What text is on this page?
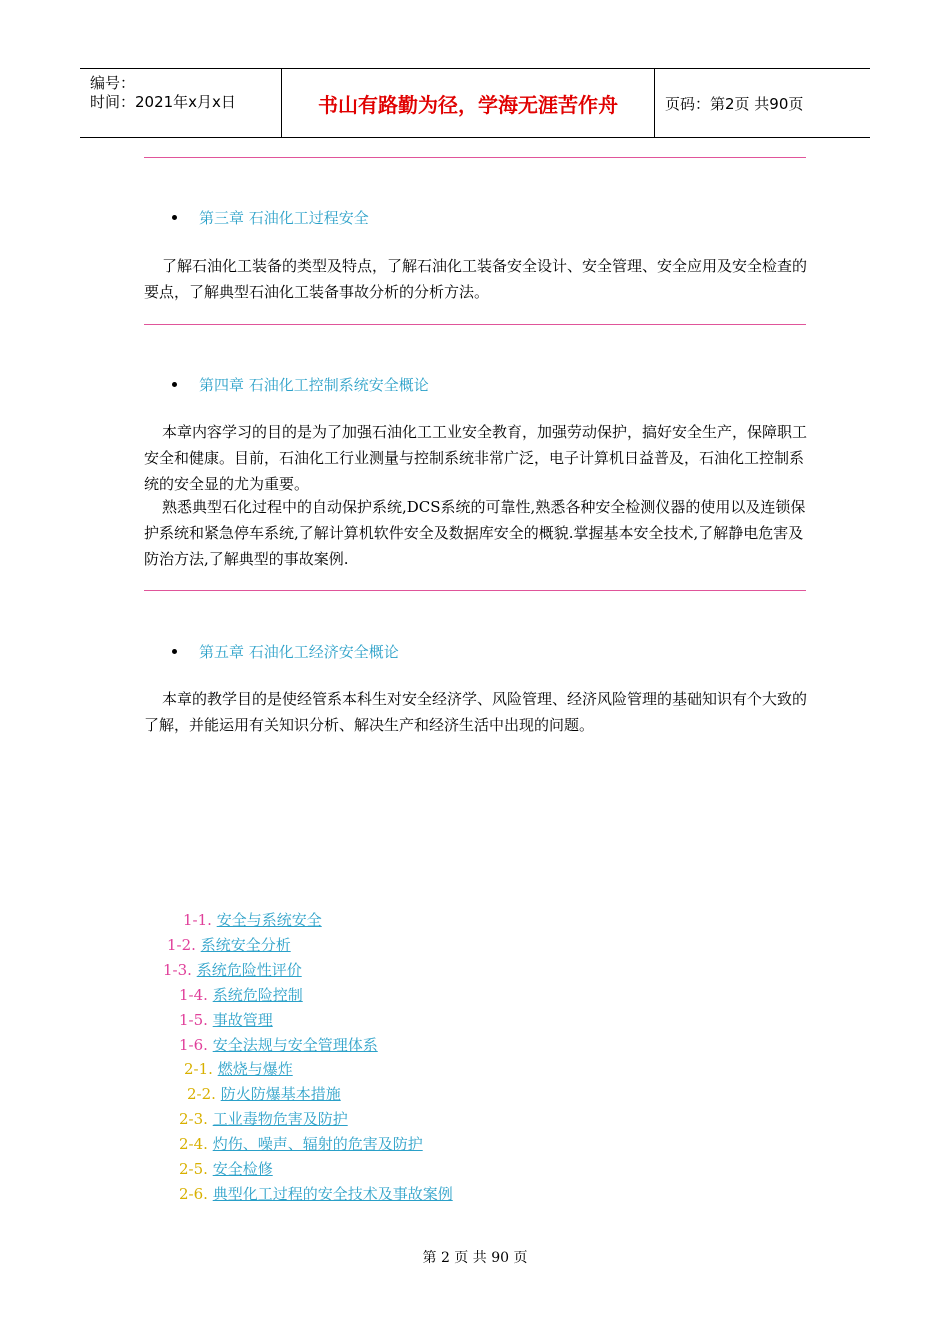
编号：
时间：2021年x月x日	书山有路勤为径，学海无涯苦作舟	页码：第2页 共90页
第三章 石油化工过程安全

了解石油化工装备的类型及特点，了解石油化工装备安全设计、安全管理、安全应用及安全检查的要点，了解典型石油化工装备事故分析的分析方法。

第四章 石油化工控制系统安全概论

本章内容学习的目的是为了加强石油化工工业安全教育，加强劳动保护，搞好安全生产，保障职工安全和健康。目前，石油化工行业测量与控制系统非常广泛，电子计算机日益普及，石油化工控制系统的安全显的尤为重要。

熟悉典型石化过程中的自动保护系统,DCS系统的可靠性,熟悉各种安全检测仪器的使用以及连锁保护系统和紧急停车系统,了解计算机软件安全及数据库安全的概貌.掌握基本安全技术,了解静电危害及防治方法,了解典型的事故案例.

第五章 石油化工经济安全概论

本章的教学目的是使经管系本科生对安全经济学、风险管理、经济风险管理的基础知识有个大致的了解，并能运用有关知识分析、解决生产和经济生活中出现的问题。

1-1. 安全与系统安全
1-2. 系统安全分析
1-3. 系统危险性评价
1-4. 系统危险控制
1-5. 事故管理
1-6. 安全法规与安全管理体系
2-1. 燃烧与爆炸
2-2. 防火防爆基本措施
2-3. 工业毒物危害及防护
2-4. 灼伤、噪声、辐射的危害及防护
2-5. 安全检修
2-6. 典型化工过程的安全技术及事故案例
第 2 页 共 90 页
